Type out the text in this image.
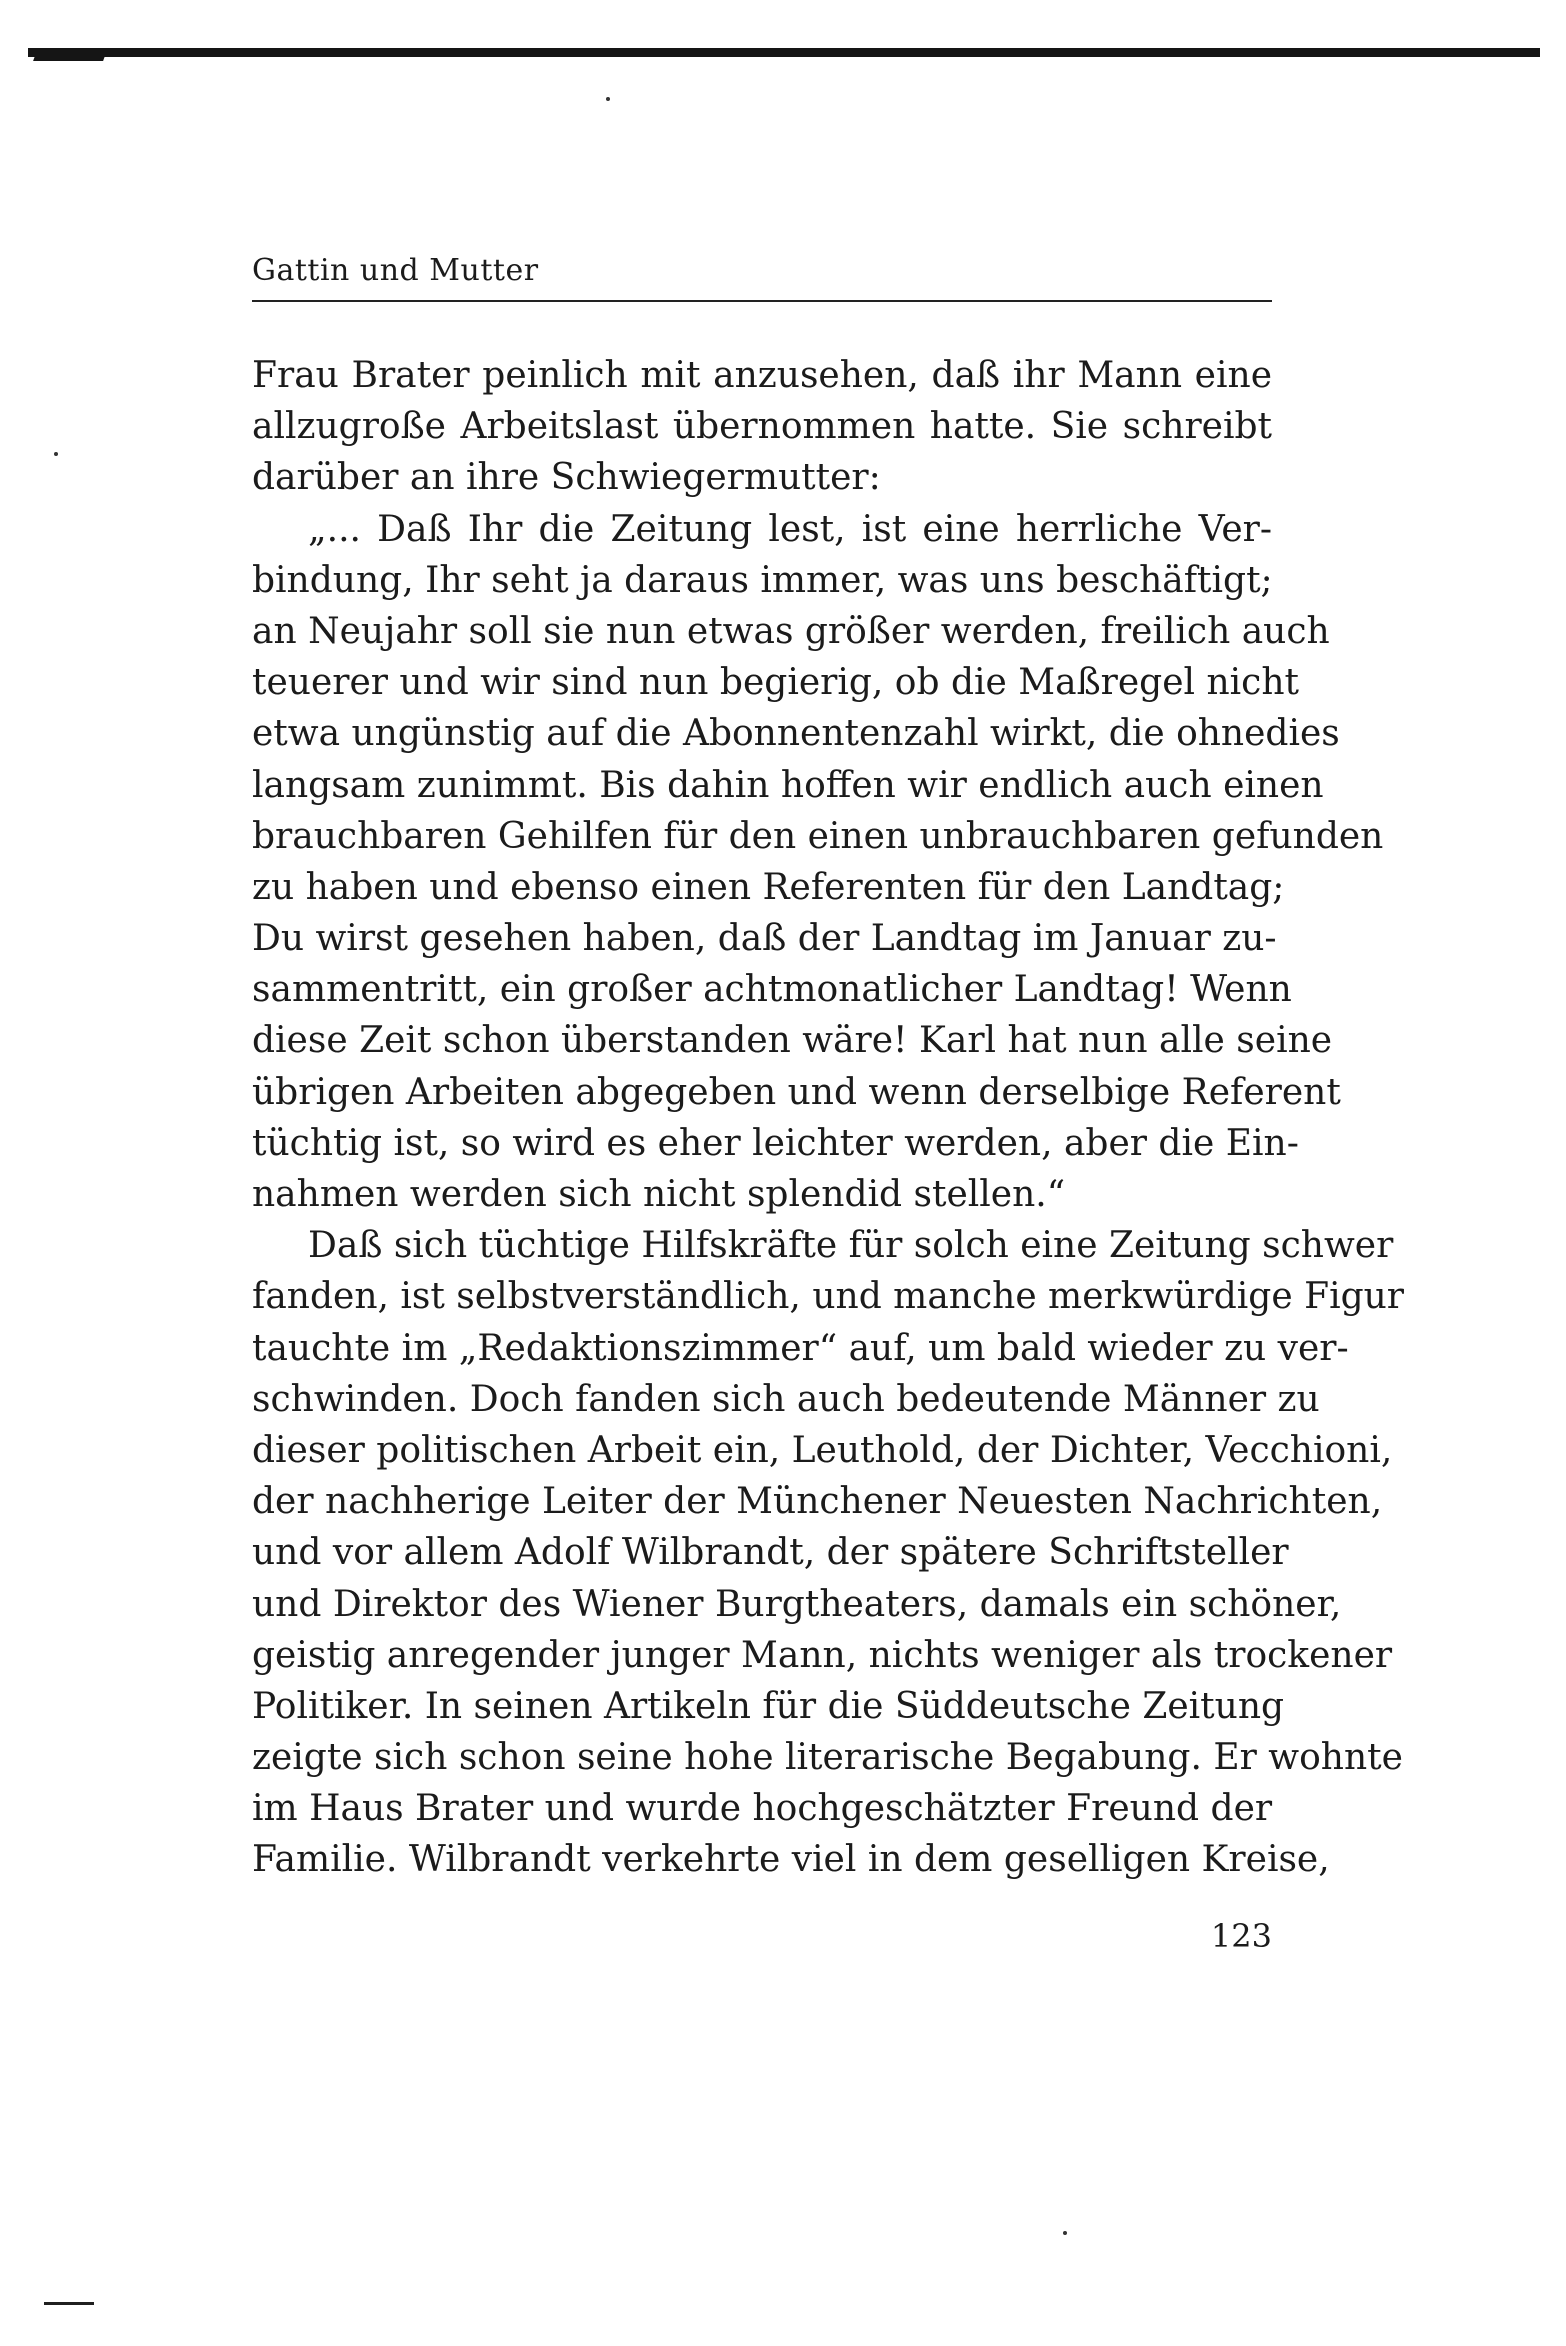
Gattin und Mutter
Frau Brater peinlich mit anzusehen, daß ihr Mann eine
allzugroße Arbeitslast übernommen hatte. Sie schreibt
darüber an ihre Schwiegermutter:
„... Daß Ihr die Zeitung lest, ist eine herrliche Ver-
bindung, Ihr seht ja daraus immer, was uns beschäftigt;
an Neujahr soll sie nun etwas größer werden, freilich auch
teuerer und wir sind nun begierig, ob die Maßregel nicht
etwa ungünstig auf die Abonnentenzahl wirkt, die ohnedies
langsam zunimmt. Bis dahin hoffen wir endlich auch einen
brauchbaren Gehilfen für den einen unbrauchbaren gefunden
zu haben und ebenso einen Referenten für den Landtag;
Du wirst gesehen haben, daß der Landtag im Januar zu-
sammentritt, ein großer achtmonatlicher Landtag! Wenn
diese Zeit schon überstanden wäre! Karl hat nun alle seine
übrigen Arbeiten abgegeben und wenn derselbige Referent
tüchtig ist, so wird es eher leichter werden, aber die Ein-
nahmen werden sich nicht splendid stellen.“
Daß sich tüchtige Hilfskräfte für solch eine Zeitung schwer
fanden, ist selbstverständlich, und manche merkwürdige Figur
tauchte im „Redaktionszimmer“ auf, um bald wieder zu ver-
schwinden. Doch fanden sich auch bedeutende Männer zu
dieser politischen Arbeit ein, Leuthold, der Dichter, Vecchioni,
der nachherige Leiter der Münchener Neuesten Nachrichten,
und vor allem Adolf Wilbrandt, der spätere Schriftsteller
und Direktor des Wiener Burgtheaters, damals ein schöner,
geistig anregender junger Mann, nichts weniger als trockener
Politiker. In seinen Artikeln für die Süddeutsche Zeitung
zeigte sich schon seine hohe literarische Begabung. Er wohnte
im Haus Brater und wurde hochgeschätzter Freund der
Familie. Wilbrandt verkehrte viel in dem geselligen Kreise,
123
